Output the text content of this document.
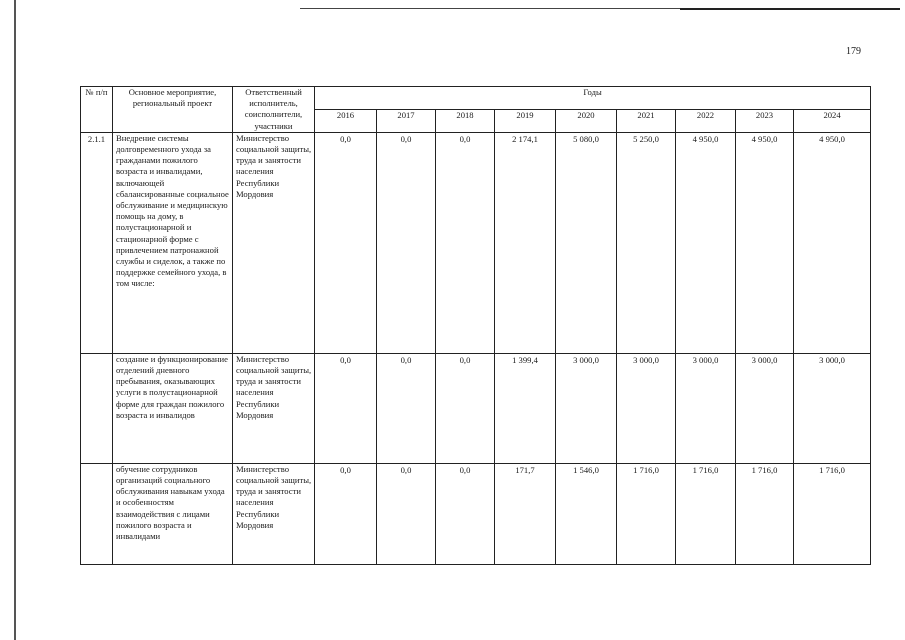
179
№ п/п	Основное мероприятие, региональный проект	Ответственный исполнитель, соисполнители, участники	Годы								
			2016	2017	2018	2019	2020	2021	2022	2023	2024
2.1.1	Внедрение системы долговременного ухода за гражданами пожилого возраста и инвалидами, включающей сбалансированные социальное обслуживание и медицинскую помощь на дому, в полустационарной и стационарной форме с привлечением патронажной службы и сиделок, а также по поддержке семейного ухода, в том числе:	Министерство социальной защиты, труда и занятости населения Республики Мордовия	0,0	0,0	0,0	2 174,1	5 080,0	5 250,0	4 950,0	4 950,0	4 950,0
	создание и функционирование отделений дневного пребывания, оказывающих услуги в полустационарной форме для граждан пожилого возраста и инвалидов	Министерство социальной защиты, труда и занятости населения Республики Мордовия	0,0	0,0	0,0	1 399,4	3 000,0	3 000,0	3 000,0	3 000,0	3 000,0
	обучение сотрудников организаций социального обслуживания навыкам ухода и особенностям взаимодействия с лицами пожилого возраста и инвалидами	Министерство социальной защиты, труда и занятости населения Республики Мордовия	0,0	0,0	0,0	171,7	1 546,0	1 716,0	1 716,0	1 716,0	1 716,0
